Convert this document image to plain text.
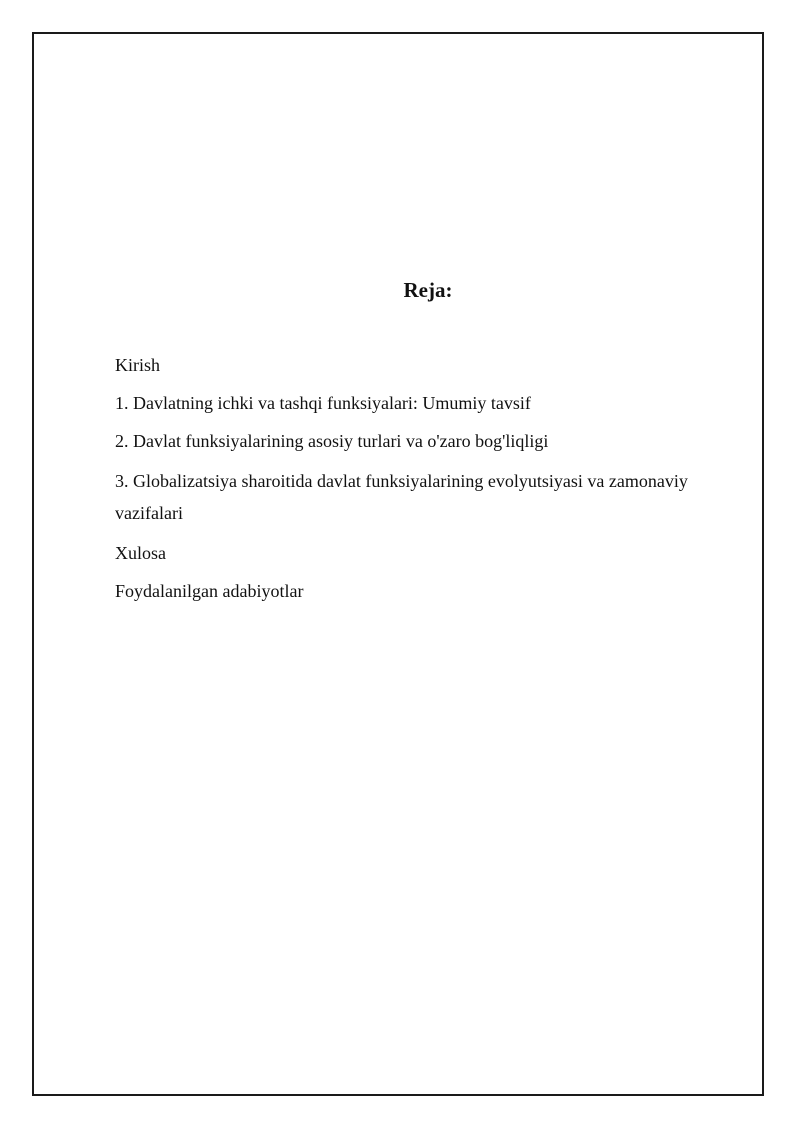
Reja:
Kirish
1. Davlatning ichki va tashqi funksiyalari: Umumiy tavsif
2. Davlat funksiyalarining asosiy turlari va o'zaro bog'liqligi
3. Globalizatsiya sharoitida davlat funksiyalarining evolyutsiyasi va zamonaviy vazifalari
Xulosa
Foydalanilgan adabiyotlar
